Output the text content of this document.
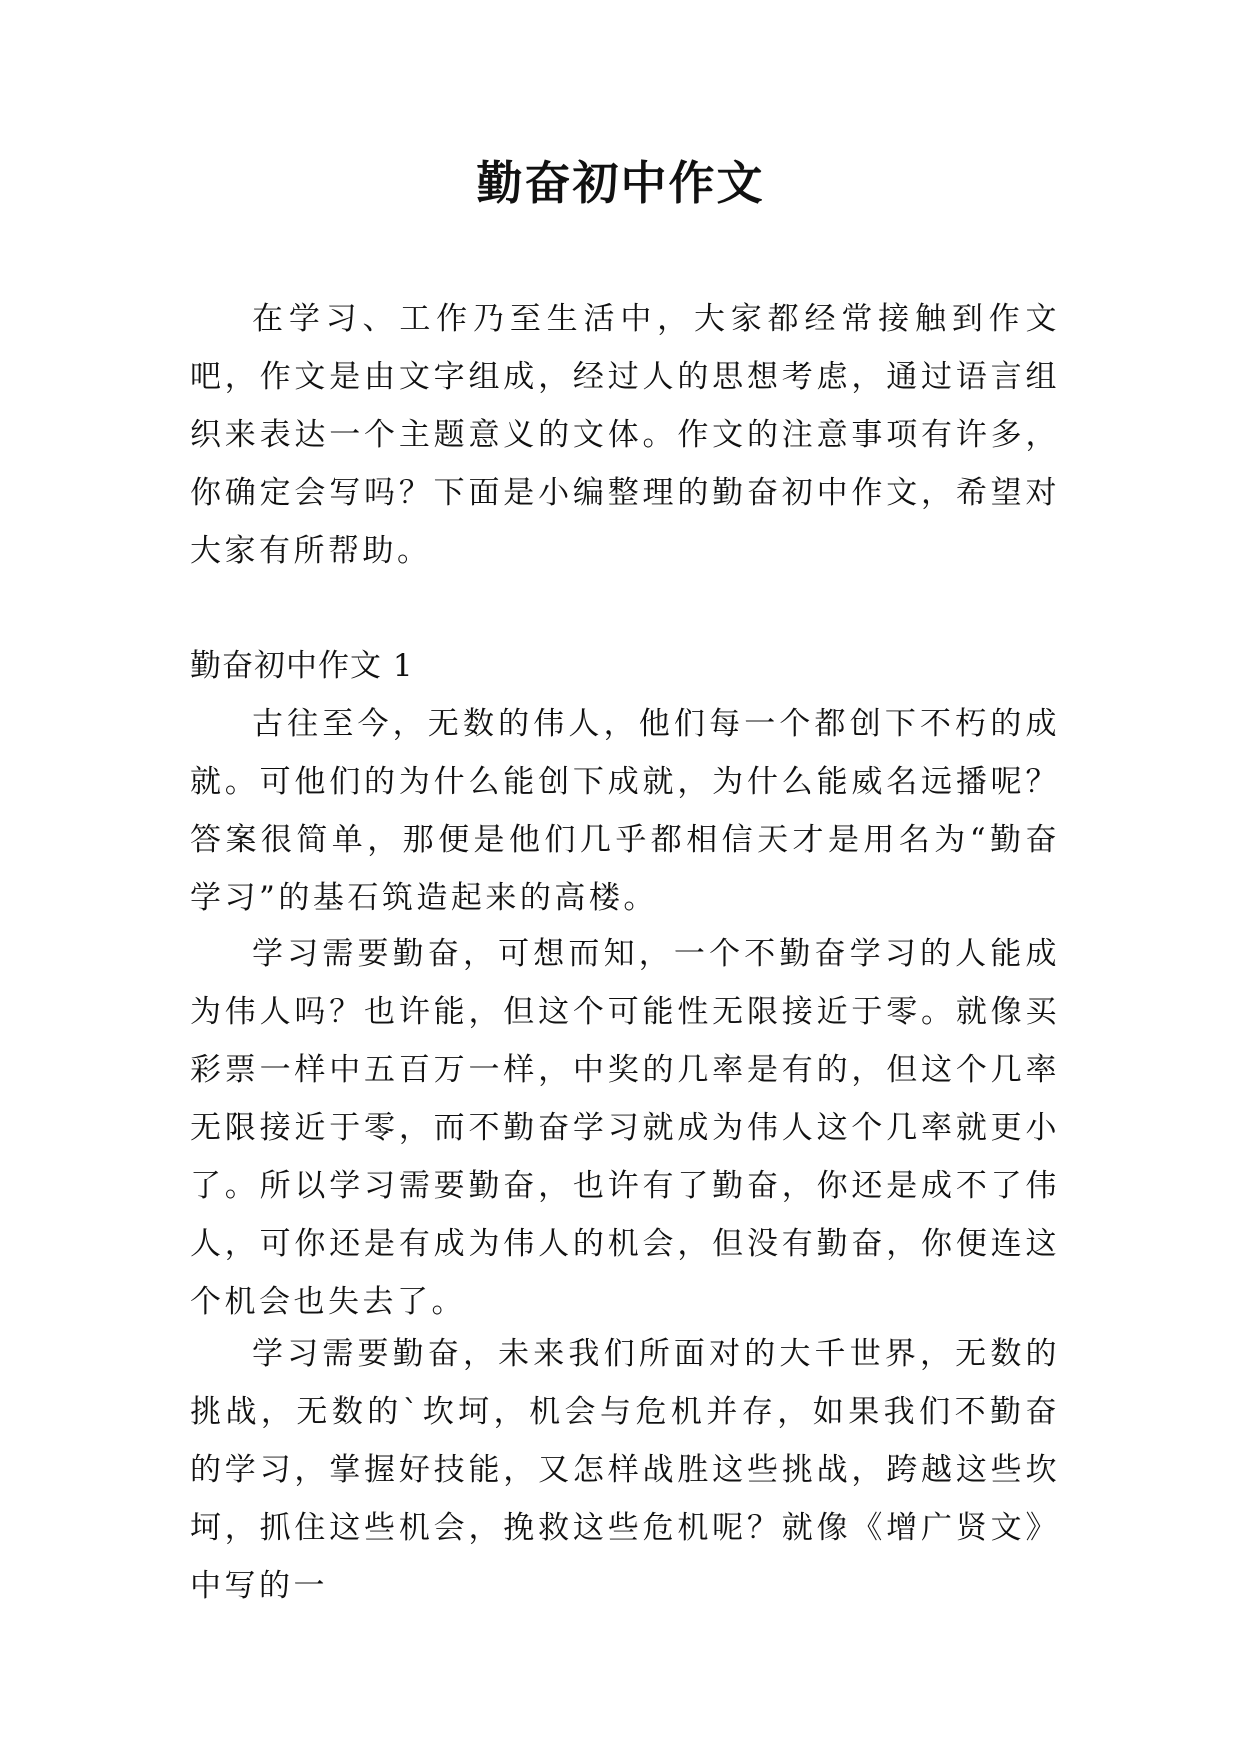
勤奋初中作文

在学习、工作乃至生活中，大家都经常接触到作文吧，作文是由文字组成，经过人的思想考虑，通过语言组织来表达一个主题意义的文体。作文的注意事项有许多，你确定会写吗？下面是小编整理的勤奋初中作文，希望对大家有所帮助。

勤奋初中作文 1

古往至今，无数的伟人，他们每一个都创下不朽的成就。可他们的为什么能创下成就，为什么能威名远播呢？答案很简单，那便是他们几乎都相信天才是用名为“勤奋学习”的基石筑造起来的高楼。

学习需要勤奋，可想而知，一个不勤奋学习的人能成为伟人吗？也许能，但这个可能性无限接近于零。就像买彩票一样中五百万一样，中奖的几率是有的，但这个几率无限接近于零，而不勤奋学习就成为伟人这个几率就更小了。所以学习需要勤奋，也许有了勤奋，你还是成不了伟人，可你还是有成为伟人的机会，但没有勤奋，你便连这个机会也失去了。

学习需要勤奋，未来我们所面对的大千世界，无数的挑战，无数的`坎坷，机会与危机并存，如果我们不勤奋的学习，掌握好技能，又怎样战胜这些挑战，跨越这些坎坷，抓住这些机会，挽救这些危机呢？就像《增广贤文》中写的一
